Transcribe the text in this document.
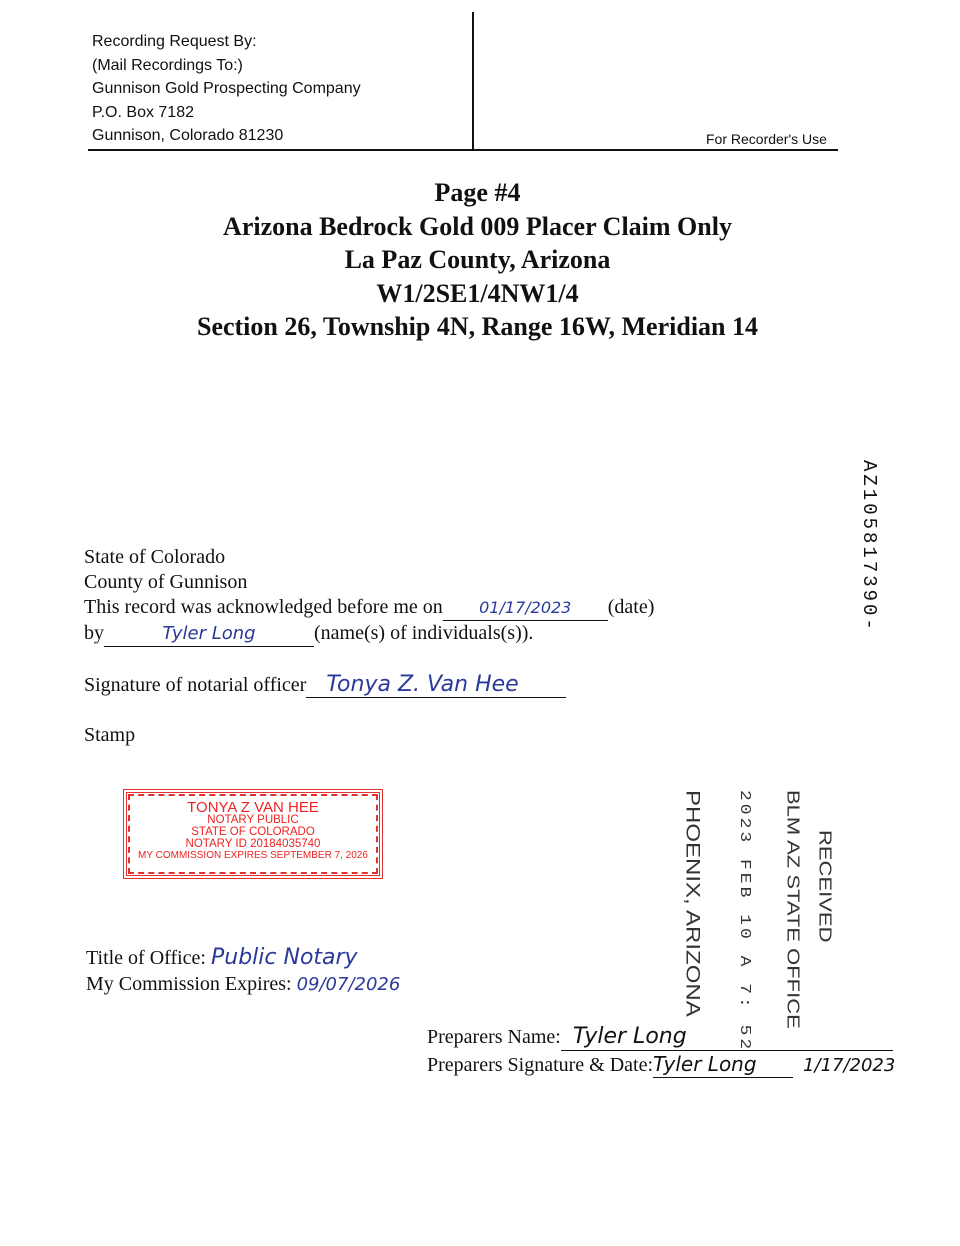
Recording Request By:
(Mail Recordings To:)
Gunnison Gold Prospecting Company
P.O. Box 7182
Gunnison, Colorado 81230	For Recorder's Use
Page #4
Arizona Bedrock Gold 009 Placer Claim Only
La Paz County, Arizona
W1/2SE1/4NW1/4
Section 26, Township 4N, Range 16W, Meridian 14
AZ105817390-
State of Colorado
County of Gunnison
This record was acknowledged before me on 01/17/2023 (date)
by	Tyler Long	(name(s) of individuals(s)).
Signature of notarial officer Tonya Z. Van Hee
Stamp
TONYA Z VAN HEE
NOTARY PUBLIC
STATE OF COLORADO
NOTARY ID 20184035740
MY COMMISSION EXPIRES SEPTEMBER 7, 2026	RECEIVED
BLM AZ STATE OFFICE
2023 FEB 10 A 7: 52
PHOENIX, ARIZONA
Title of Office: Public Notary
My Commission Expires: 09/07/2026
Preparers Name: Tyler Long
Preparers Signature & Date:Tyler Long	1/17/2023
